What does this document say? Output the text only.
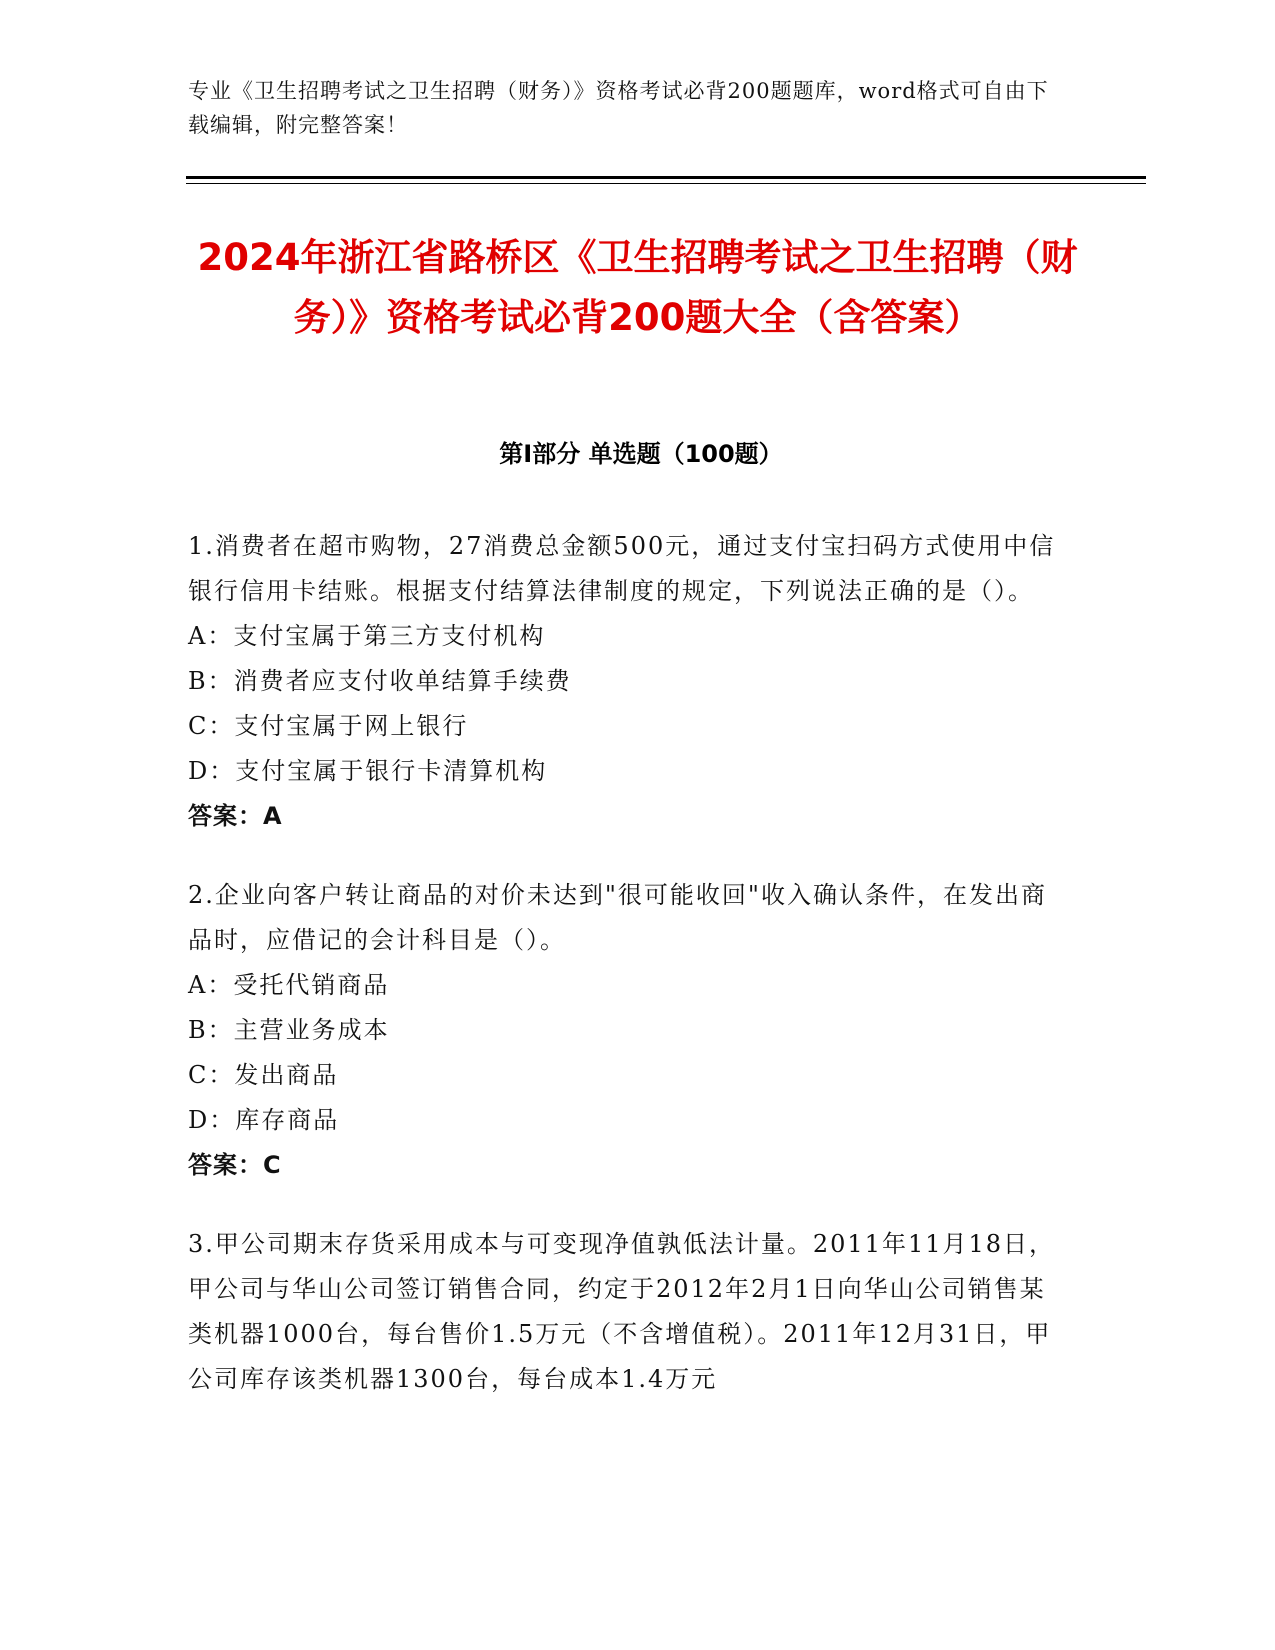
专业《卫生招聘考试之卫生招聘（财务）》资格考试必背200题题库，word格式可自由下载编辑，附完整答案！
2024年浙江省路桥区《卫生招聘考试之卫生招聘（财务）》资格考试必背200题大全（含答案）
第I部分 单选题（100题）
1.消费者在超市购物，27消费总金额500元，通过支付宝扫码方式使用中信银行信用卡结账。根据支付结算法律制度的规定，下列说法正确的是（）。
A：支付宝属于第三方支付机构
B：消费者应支付收单结算手续费
C：支付宝属于网上银行
D：支付宝属于银行卡清算机构
答案：A
2.企业向客户转让商品的对价未达到"很可能收回"收入确认条件，在发出商品时，应借记的会计科目是（）。
A：受托代销商品
B：主营业务成本
C：发出商品
D：库存商品
答案：C
3.甲公司期末存货采用成本与可变现净值孰低法计量。2011年11月18日，甲公司与华山公司签订销售合同，约定于2012年2月1日向华山公司销售某类机器1000台，每台售价1.5万元（不含增值税）。2011年12月31日，甲公司库存该类机器1300台，每台成本1.4万元
